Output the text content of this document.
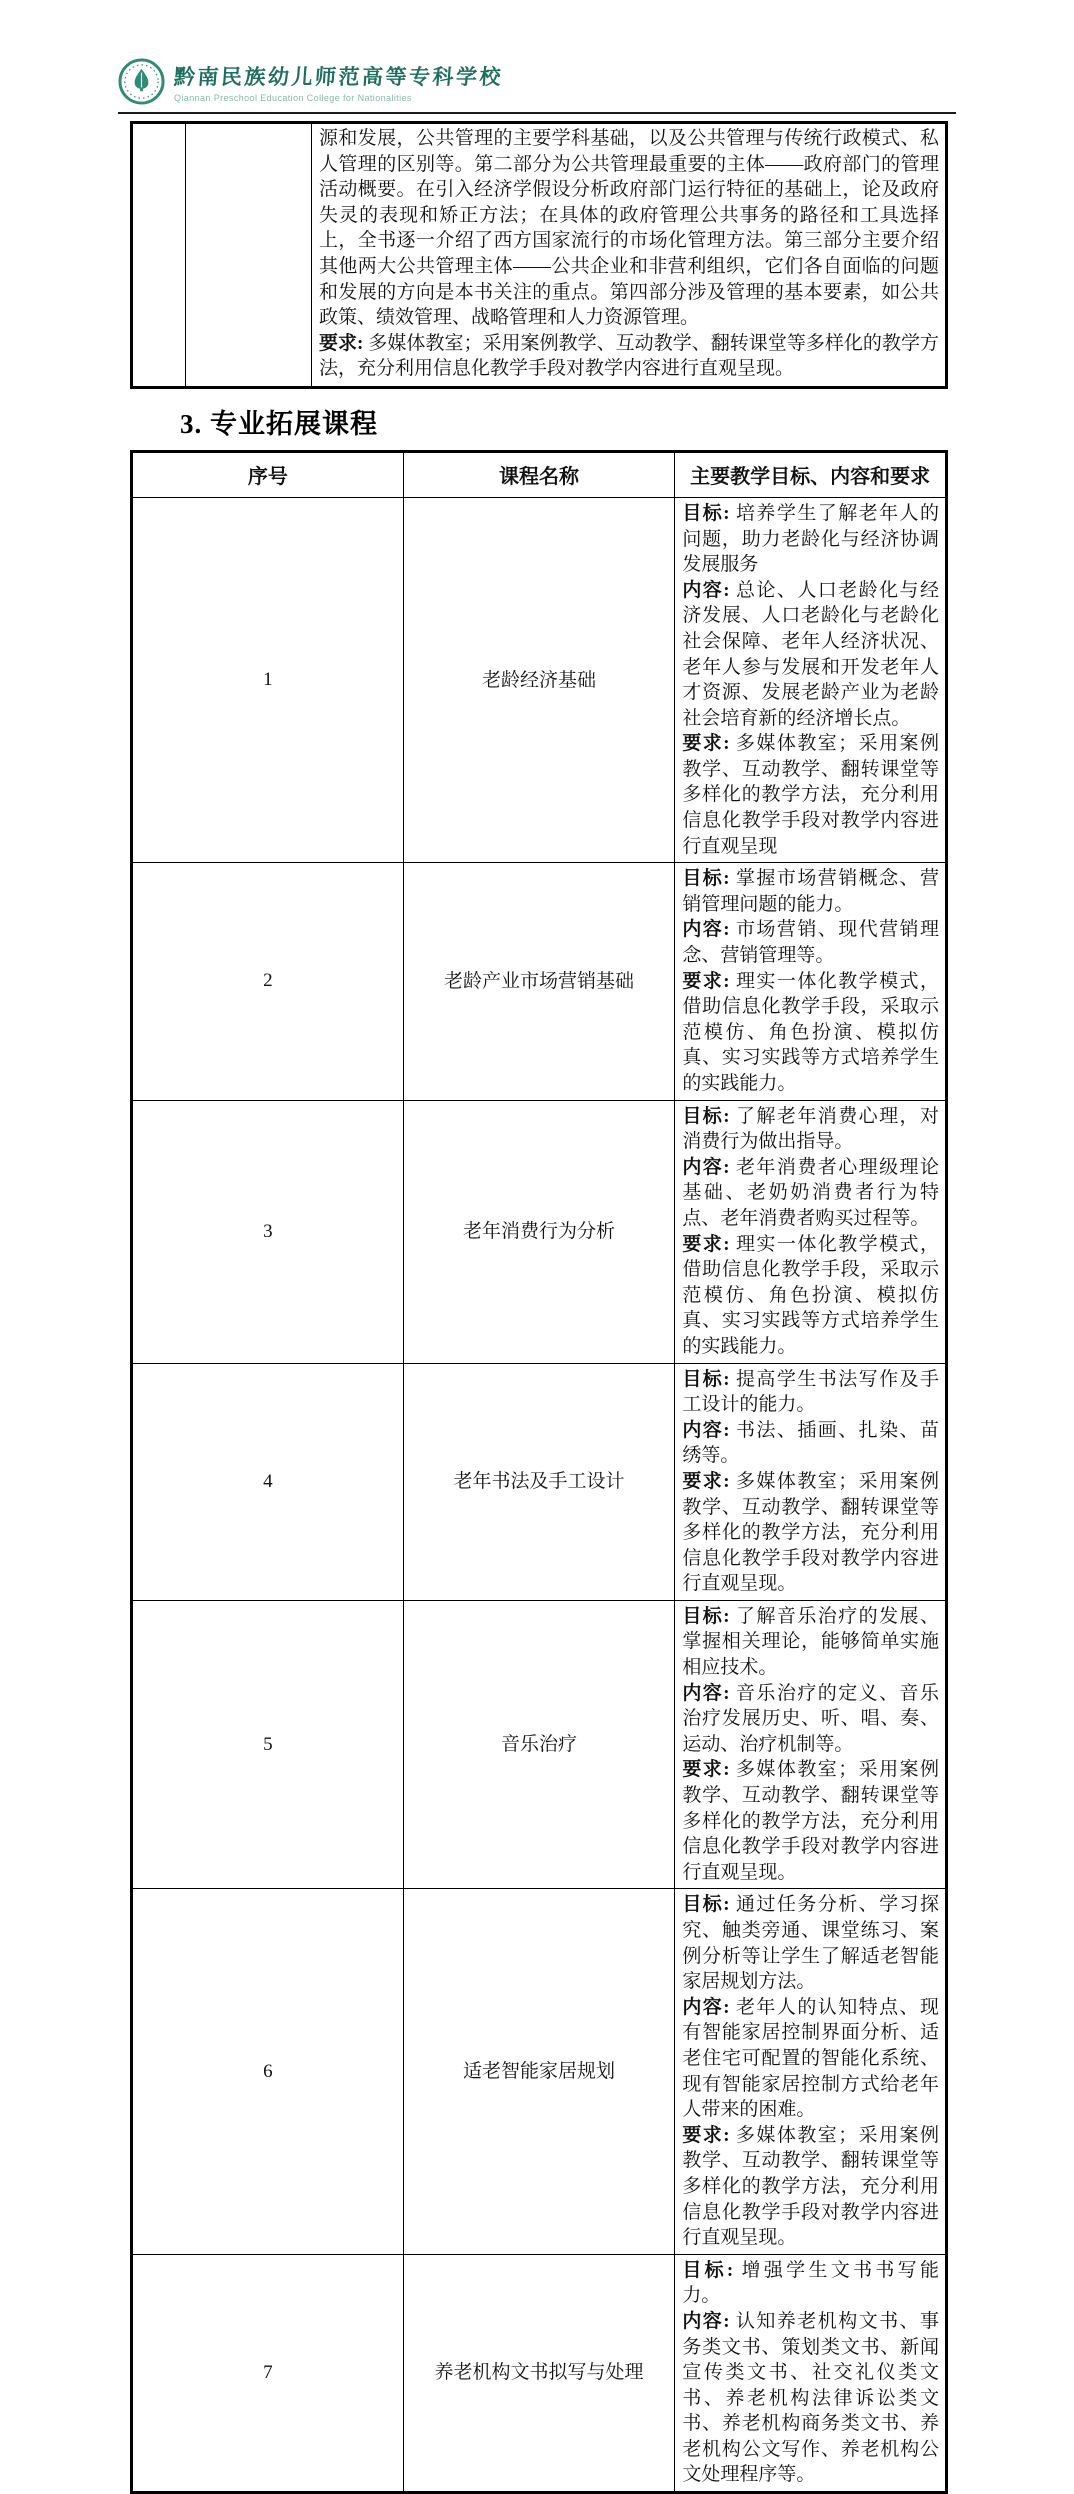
黔南民族幼儿师范高等专科学校
Qiannan Preschool Education College for Nationalities

源和发展，公共管理的主要学科基础，以及公共管理与传统行政模式、私人管理的区别等。第二部分为公共管理最重要的主体——政府部门的管理活动概要。在引入经济学假设分析政府部门运行特征的基础上，论及政府失灵的表现和矫正方法；在具体的政府管理公共事务的路径和工具选择上，全书逐一介绍了西方国家流行的市场化管理方法。第三部分主要介绍其他两大公共管理主体——公共企业和非营利组织，它们各自面临的问题和发展的方向是本书关注的重点。第四部分涉及管理的基本要素，如公共政策、绩效管理、战略管理和人力资源管理。
要求: 多媒体教室；采用案例教学、互动教学、翻转课堂等多样化的教学方法，充分利用信息化教学手段对教学内容进行直观呈现。
3. 专业拓展课程
序号	课程名称	主要教学目标、内容和要求
1	老龄经济基础	目标: 培养学生了解老年人的问题，助力老龄化与经济协调发展服务
内容: 总论、人口老龄化与经济发展、人口老龄化与老龄化社会保障、老年人经济状况、老年人参与发展和开发老年人才资源、发展老龄产业为老龄社会培育新的经济增长点。
要求: 多媒体教室；采用案例教学、互动教学、翻转课堂等多样化的教学方法，充分利用信息化教学手段对教学内容进行直观呈现

2	老龄产业市场营销基础	目标: 掌握市场营销概念、营销管理问题的能力。
内容: 市场营销、现代营销理念、营销管理等。
要求: 理实一体化教学模式，借助信息化教学手段，采取示范模仿、角色扮演、模拟仿真、实习实践等方式培养学生的实践能力。

3	老年消费行为分析	目标: 了解老年消费心理，对消费行为做出指导。
内容: 老年消费者心理级理论基础、老奶奶消费者行为特点、老年消费者购买过程等。
要求: 理实一体化教学模式，借助信息化教学手段，采取示范模仿、角色扮演、模拟仿真、实习实践等方式培养学生的实践能力。

4	老年书法及手工设计	目标: 提高学生书法写作及手工设计的能力。
内容: 书法、插画、扎染、苗绣等。
要求: 多媒体教室；采用案例教学、互动教学、翻转课堂等多样化的教学方法，充分利用信息化教学手段对教学内容进行直观呈现。

5	音乐治疗	目标: 了解音乐治疗的发展、掌握相关理论，能够简单实施相应技术。
内容: 音乐治疗的定义、音乐治疗发展历史、听、唱、奏、运动、治疗机制等。
要求: 多媒体教室；采用案例教学、互动教学、翻转课堂等多样化的教学方法，充分利用信息化教学手段对教学内容进行直观呈现。

6	适老智能家居规划	目标: 通过任务分析、学习探究、触类旁通、课堂练习、案例分析等让学生了解适老智能家居规划方法。
内容: 老年人的认知特点、现有智能家居控制界面分析、适老住宅可配置的智能化系统、现有智能家居控制方式给老年人带来的困难。
要求: 多媒体教室；采用案例教学、互动教学、翻转课堂等多样化的教学方法，充分利用信息化教学手段对教学内容进行直观呈现。

7	养老机构文书拟写与处理	目标: 增强学生文书书写能力。
内容: 认知养老机构文书、事务类文书、策划类文书、新闻宣传类文书、社交礼仪类文书、养老机构法律诉讼类文书、养老机构商务类文书、养老机构公文写作、养老机构公文处理程序等。
